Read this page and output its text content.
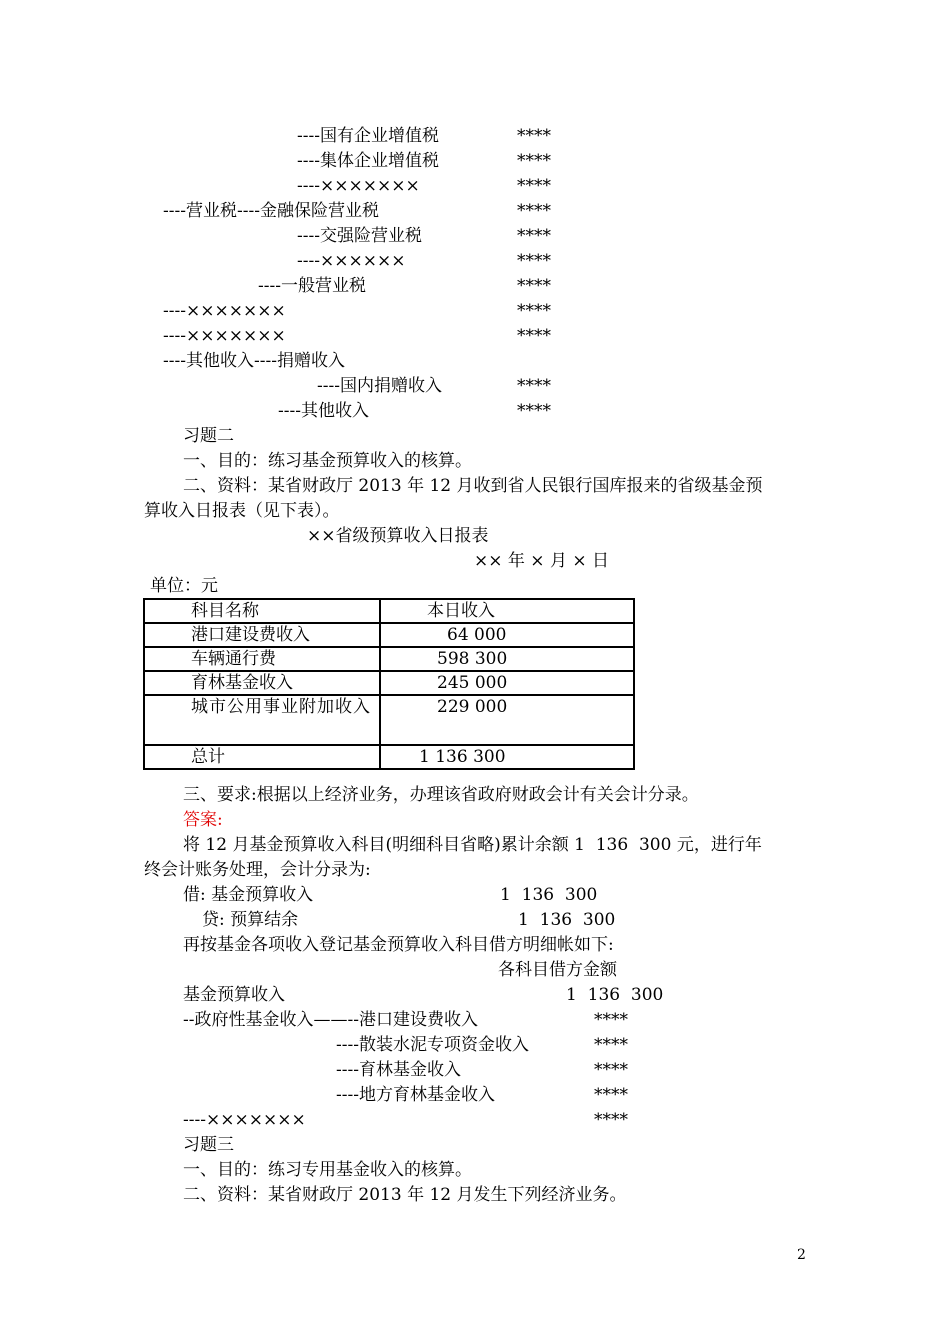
----国有企业增值税	****
----集体企业增值税	****
----×××××××	****
----营业税----金融保险营业税	****
----交强险营业税	****
----××××××	****
----一般营业税	****
----×××××××	****
----×××××××	****
----其他收入----捐赠收入
----国内捐赠收入	****
----其他收入	****
习题二
一、目的：练习基金预算收入的核算。
二、资料：某省财政厅 2013 年 12 月收到省人民银行国库报来的省级基金预
算收入日报表（见下表）。
××省级预算收入日报表
×× 年 × 月 × 日
单位：元
科目名称	本日收入

港口建设费收入	64 000

车辆通行费	598 300

育林基金收入	245 000

城市公用事业附加收入	229 000

总计	1 136 300
三、要求:根据以上经济业务，办理该省政府财政会计有关会计分录。
答案:
将 12 月基金预算收入科目(明细科目省略)累计余额 1  136  300 元，进行年
终会计账务处理，会计分录为:
借: 基金预算收入	1  136  300
贷: 预算结余	1  136  300
再按基金各项收入登记基金预算收入科目借方明细帐如下:
各科目借方金额
基金预算收入	1  136  300
--政府性基金收入——--港口建设费收入	****
----散装水泥专项资金收入	****
----育林基金收入	****
----地方育林基金收入	****
----×××××××	****
习题三
一、目的：练习专用基金收入的核算。
二、资料：某省财政厅 2013 年 12 月发生下列经济业务。
2
